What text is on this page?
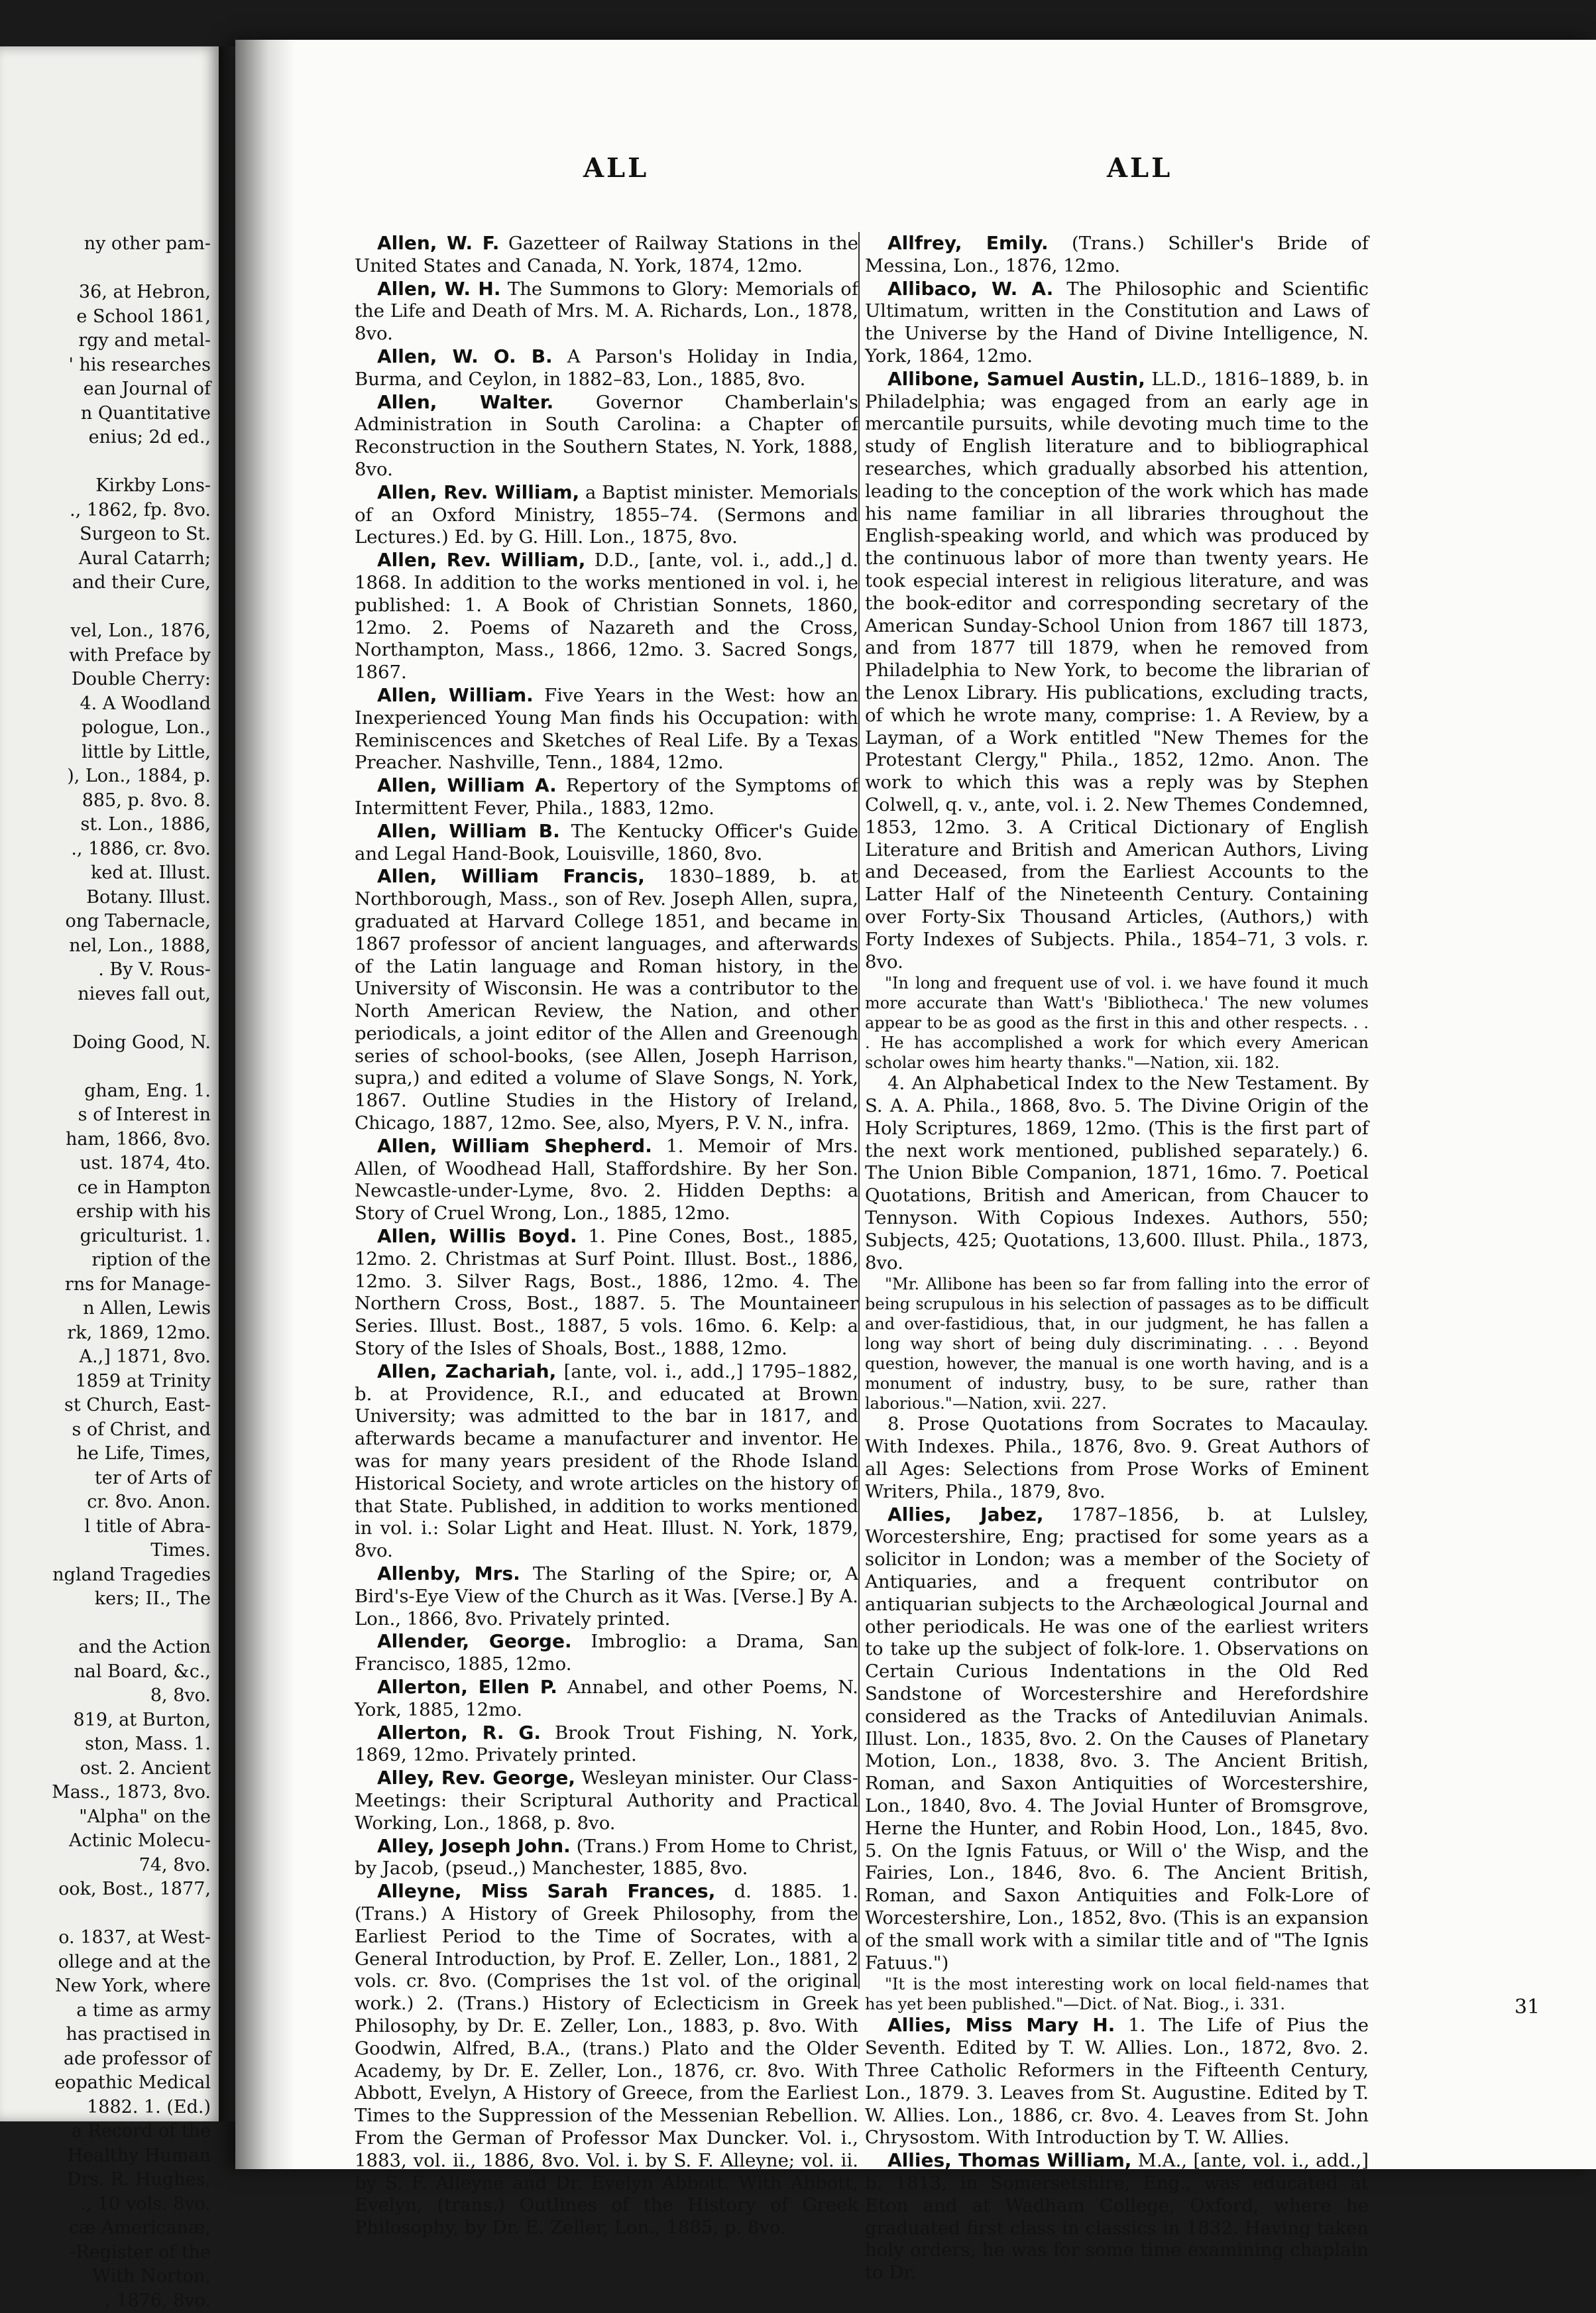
ny other pam-
36, at Hebron,
e School 1861,
rgy and metal-
' his researches
ean Journal of
n Quantitative
enius; 2d ed.,
Kirkby Lons-
., 1862, fp. 8vo.
Surgeon to St.
Aural Catarrh;
and their Cure,
vel, Lon., 1876,
with Preface by
Double Cherry:
4. A Woodland
pologue, Lon.,
little by Little,
), Lon., 1884, p.
885, p. 8vo. 8.
st. Lon., 1886,
., 1886, cr. 8vo.
ked at. Illust.
Botany. Illust.
ong Tabernacle,
nel, Lon., 1888,
. By V. Rous-
nieves fall out,
Doing Good, N.
gham, Eng. 1.
s of Interest in
ham, 1866, 8vo.
ust. 1874, 4to.
ce in Hampton
ership with his
griculturist. 1.
ription of the
rns for Manage-
n Allen, Lewis
rk, 1869, 12mo.
A.,] 1871, 8vo.
1859 at Trinity
st Church, East-
s of Christ, and
he Life, Times,
ter of Arts of
cr. 8vo. Anon.
l title of Abra-
Times.
ngland Tragedies
kers; II., The
and the Action
nal Board, &c.,
8, 8vo.
819, at Burton,
ston, Mass. 1.
ost. 2. Ancient
Mass., 1873, 8vo.
"Alpha" on the
Actinic Molecu-
74, 8vo.
ook, Bost., 1877,
o. 1837, at West-
ollege and at the
New York, where
a time as army
has practised in
ade professor of
eopathic Medical
1882. 1. (Ed.)
a Record of the
Healthy Human
Drs. R. Hughes,
., 10 vols. 8vo.
cæ Americanæ,
-Register of the
With Norton,
, 1876, 8vo.
ALL	ALL

Allen, W. F. Gazetteer of Railway Stations in the United States and Canada, N. York, 1874, 12mo.

Allen, W. H. The Summons to Glory: Memorials of the Life and Death of Mrs. M. A. Richards, Lon., 1878, 8vo.

Allen, W. O. B. A Parson's Holiday in India, Burma, and Ceylon, in 1882–83, Lon., 1885, 8vo.

Allen, Walter. Governor Chamberlain's Administration in South Carolina: a Chapter of Reconstruction in the Southern States, N. York, 1888, 8vo.

Allen, Rev. William, a Baptist minister. Memorials of an Oxford Ministry, 1855–74. (Sermons and Lectures.) Ed. by G. Hill. Lon., 1875, 8vo.

Allen, Rev. William, D.D., [ante, vol. i., add.,] d. 1868. In addition to the works mentioned in vol. i, he published: 1. A Book of Christian Sonnets, 1860, 12mo. 2. Poems of Nazareth and the Cross, Northampton, Mass., 1866, 12mo. 3. Sacred Songs, 1867.

Allen, William. Five Years in the West: how an Inexperienced Young Man finds his Occupation: with Reminiscences and Sketches of Real Life. By a Texas Preacher. Nashville, Tenn., 1884, 12mo.

Allen, William A. Repertory of the Symptoms of Intermittent Fever, Phila., 1883, 12mo.

Allen, William B. The Kentucky Officer's Guide and Legal Hand-Book, Louisville, 1860, 8vo.

Allen, William Francis, 1830–1889, b. at Northborough, Mass., son of Rev. Joseph Allen, supra, graduated at Harvard College 1851, and became in 1867 professor of ancient languages, and afterwards of the Latin language and Roman history, in the University of Wisconsin. He was a contributor to the North American Review, the Nation, and other periodicals, a joint editor of the Allen and Greenough series of school-books, (see Allen, Joseph Harrison, supra,) and edited a volume of Slave Songs, N. York, 1867. Outline Studies in the History of Ireland, Chicago, 1887, 12mo. See, also, Myers, P. V. N., infra.

Allen, William Shepherd. 1. Memoir of Mrs. Allen, of Woodhead Hall, Staffordshire. By her Son. Newcastle-under-Lyme, 8vo. 2. Hidden Depths: a Story of Cruel Wrong, Lon., 1885, 12mo.

Allen, Willis Boyd. 1. Pine Cones, Bost., 1885, 12mo. 2. Christmas at Surf Point. Illust. Bost., 1886, 12mo. 3. Silver Rags, Bost., 1886, 12mo. 4. The Northern Cross, Bost., 1887. 5. The Mountaineer Series. Illust. Bost., 1887, 5 vols. 16mo. 6. Kelp: a Story of the Isles of Shoals, Bost., 1888, 12mo.

Allen, Zachariah, [ante, vol. i., add.,] 1795–1882, b. at Providence, R.I., and educated at Brown University; was admitted to the bar in 1817, and afterwards became a manufacturer and inventor. He was for many years president of the Rhode Island Historical Society, and wrote articles on the history of that State. Published, in addition to works mentioned in vol. i.: Solar Light and Heat. Illust. N. York, 1879, 8vo.

Allenby, Mrs. The Starling of the Spire; or, A Bird's-Eye View of the Church as it Was. [Verse.] By A. Lon., 1866, 8vo. Privately printed.

Allender, George. Imbroglio: a Drama, San Francisco, 1885, 12mo.

Allerton, Ellen P. Annabel, and other Poems, N. York, 1885, 12mo.

Allerton, R. G. Brook Trout Fishing, N. York, 1869, 12mo. Privately printed.

Alley, Rev. George, Wesleyan minister. Our Class-Meetings: their Scriptural Authority and Practical Working, Lon., 1868, p. 8vo.

Alley, Joseph John. (Trans.) From Home to Christ, by Jacob, (pseud.,) Manchester, 1885, 8vo.

Alleyne, Miss Sarah Frances, d. 1885. 1. (Trans.) A History of Greek Philosophy, from the Earliest Period to the Time of Socrates, with a General Introduction, by Prof. E. Zeller, Lon., 1881, 2 vols. cr. 8vo. (Comprises the 1st vol. of the original work.) 2. (Trans.) History of Eclecticism in Greek Philosophy, by Dr. E. Zeller, Lon., 1883, p. 8vo. With Goodwin, Alfred, B.A., (trans.) Plato and the Older Academy, by Dr. E. Zeller, Lon., 1876, cr. 8vo. With Abbott, Evelyn, A History of Greece, from the Earliest Times to the Suppression of the Messenian Rebellion. From the German of Professor Max Duncker. Vol. i., 1883, vol. ii., 1886, 8vo. Vol. i. by S. F. Alleyne; vol. ii. by S. F. Alleyne and Dr. Evelyn Abbott. With Abbott, Evelyn, (trans.) Outlines of the History of Greek Philosophy, by Dr. E. Zeller, Lon., 1885, p. 8vo.

Allfrey, Emily. (Trans.) Schiller's Bride of Messina, Lon., 1876, 12mo.

Allibaco, W. A. The Philosophic and Scientific Ultimatum, written in the Constitution and Laws of the Universe by the Hand of Divine Intelligence, N. York, 1864, 12mo.

Allibone, Samuel Austin, LL.D., 1816–1889, b. in Philadelphia; was engaged from an early age in mercantile pursuits, while devoting much time to the study of English literature and to bibliographical researches, which gradually absorbed his attention, leading to the conception of the work which has made his name familiar in all libraries throughout the English-speaking world, and which was produced by the continuous labor of more than twenty years. He took especial interest in religious literature, and was the book-editor and corresponding secretary of the American Sunday-School Union from 1867 till 1873, and from 1877 till 1879, when he removed from Philadelphia to New York, to become the librarian of the Lenox Library. His publications, excluding tracts, of which he wrote many, comprise: 1. A Review, by a Layman, of a Work entitled "New Themes for the Protestant Clergy," Phila., 1852, 12mo. Anon. The work to which this was a reply was by Stephen Colwell, q. v., ante, vol. i. 2. New Themes Condemned, 1853, 12mo. 3. A Critical Dictionary of English Literature and British and American Authors, Living and Deceased, from the Earliest Accounts to the Latter Half of the Nineteenth Century. Containing over Forty-Six Thousand Articles, (Authors,) with Forty Indexes of Subjects. Phila., 1854–71, 3 vols. r. 8vo.

"In long and frequent use of vol. i. we have found it much more accurate than Watt's 'Bibliotheca.' The new volumes appear to be as good as the first in this and other respects. . . . He has accomplished a work for which every American scholar owes him hearty thanks."—Nation, xii. 182.

4. An Alphabetical Index to the New Testament. By S. A. A. Phila., 1868, 8vo. 5. The Divine Origin of the Holy Scriptures, 1869, 12mo. (This is the first part of the next work mentioned, published separately.) 6. The Union Bible Companion, 1871, 16mo. 7. Poetical Quotations, British and American, from Chaucer to Tennyson. With Copious Indexes. Authors, 550; Subjects, 425; Quotations, 13,600. Illust. Phila., 1873, 8vo.

"Mr. Allibone has been so far from falling into the error of being scrupulous in his selection of passages as to be difficult and over-fastidious, that, in our judgment, he has fallen a long way short of being duly discriminating. . . . Beyond question, however, the manual is one worth having, and is a monument of industry, busy, to be sure, rather than laborious."—Nation, xvii. 227.

8. Prose Quotations from Socrates to Macaulay. With Indexes. Phila., 1876, 8vo. 9. Great Authors of all Ages: Selections from Prose Works of Eminent Writers, Phila., 1879, 8vo.

Allies, Jabez, 1787–1856, b. at Lulsley, Worcestershire, Eng; practised for some years as a solicitor in London; was a member of the Society of Antiquaries, and a frequent contributor on antiquarian subjects to the Archæological Journal and other periodicals. He was one of the earliest writers to take up the subject of folk-lore. 1. Observations on Certain Curious Indentations in the Old Red Sandstone of Worcestershire and Herefordshire considered as the Tracks of Antediluvian Animals. Illust. Lon., 1835, 8vo. 2. On the Causes of Planetary Motion, Lon., 1838, 8vo. 3. The Ancient British, Roman, and Saxon Antiquities of Worcestershire, Lon., 1840, 8vo. 4. The Jovial Hunter of Bromsgrove, Herne the Hunter, and Robin Hood, Lon., 1845, 8vo. 5. On the Ignis Fatuus, or Will o' the Wisp, and the Fairies, Lon., 1846, 8vo. 6. The Ancient British, Roman, and Saxon Antiquities and Folk-Lore of Worcestershire, Lon., 1852, 8vo. (This is an expansion of the small work with a similar title and of "The Ignis Fatuus.")

"It is the most interesting work on local field-names that has yet been published."—Dict. of Nat. Biog., i. 331.

Allies, Miss Mary H. 1. The Life of Pius the Seventh. Edited by T. W. Allies. Lon., 1872, 8vo. 2. Three Catholic Reformers in the Fifteenth Century, Lon., 1879. 3. Leaves from St. Augustine. Edited by T. W. Allies. Lon., 1886, cr. 8vo. 4. Leaves from St. John Chrysostom. With Introduction by T. W. Allies.

Allies, Thomas William, M.A., [ante, vol. i., add.,] b. 1813, in Somersetshire, Eng., was educated at Eton and at Wadham College, Oxford, where he graduated first class in classics in 1832. Having taken holy orders, he was for some time examining chaplain to Dr.

31
